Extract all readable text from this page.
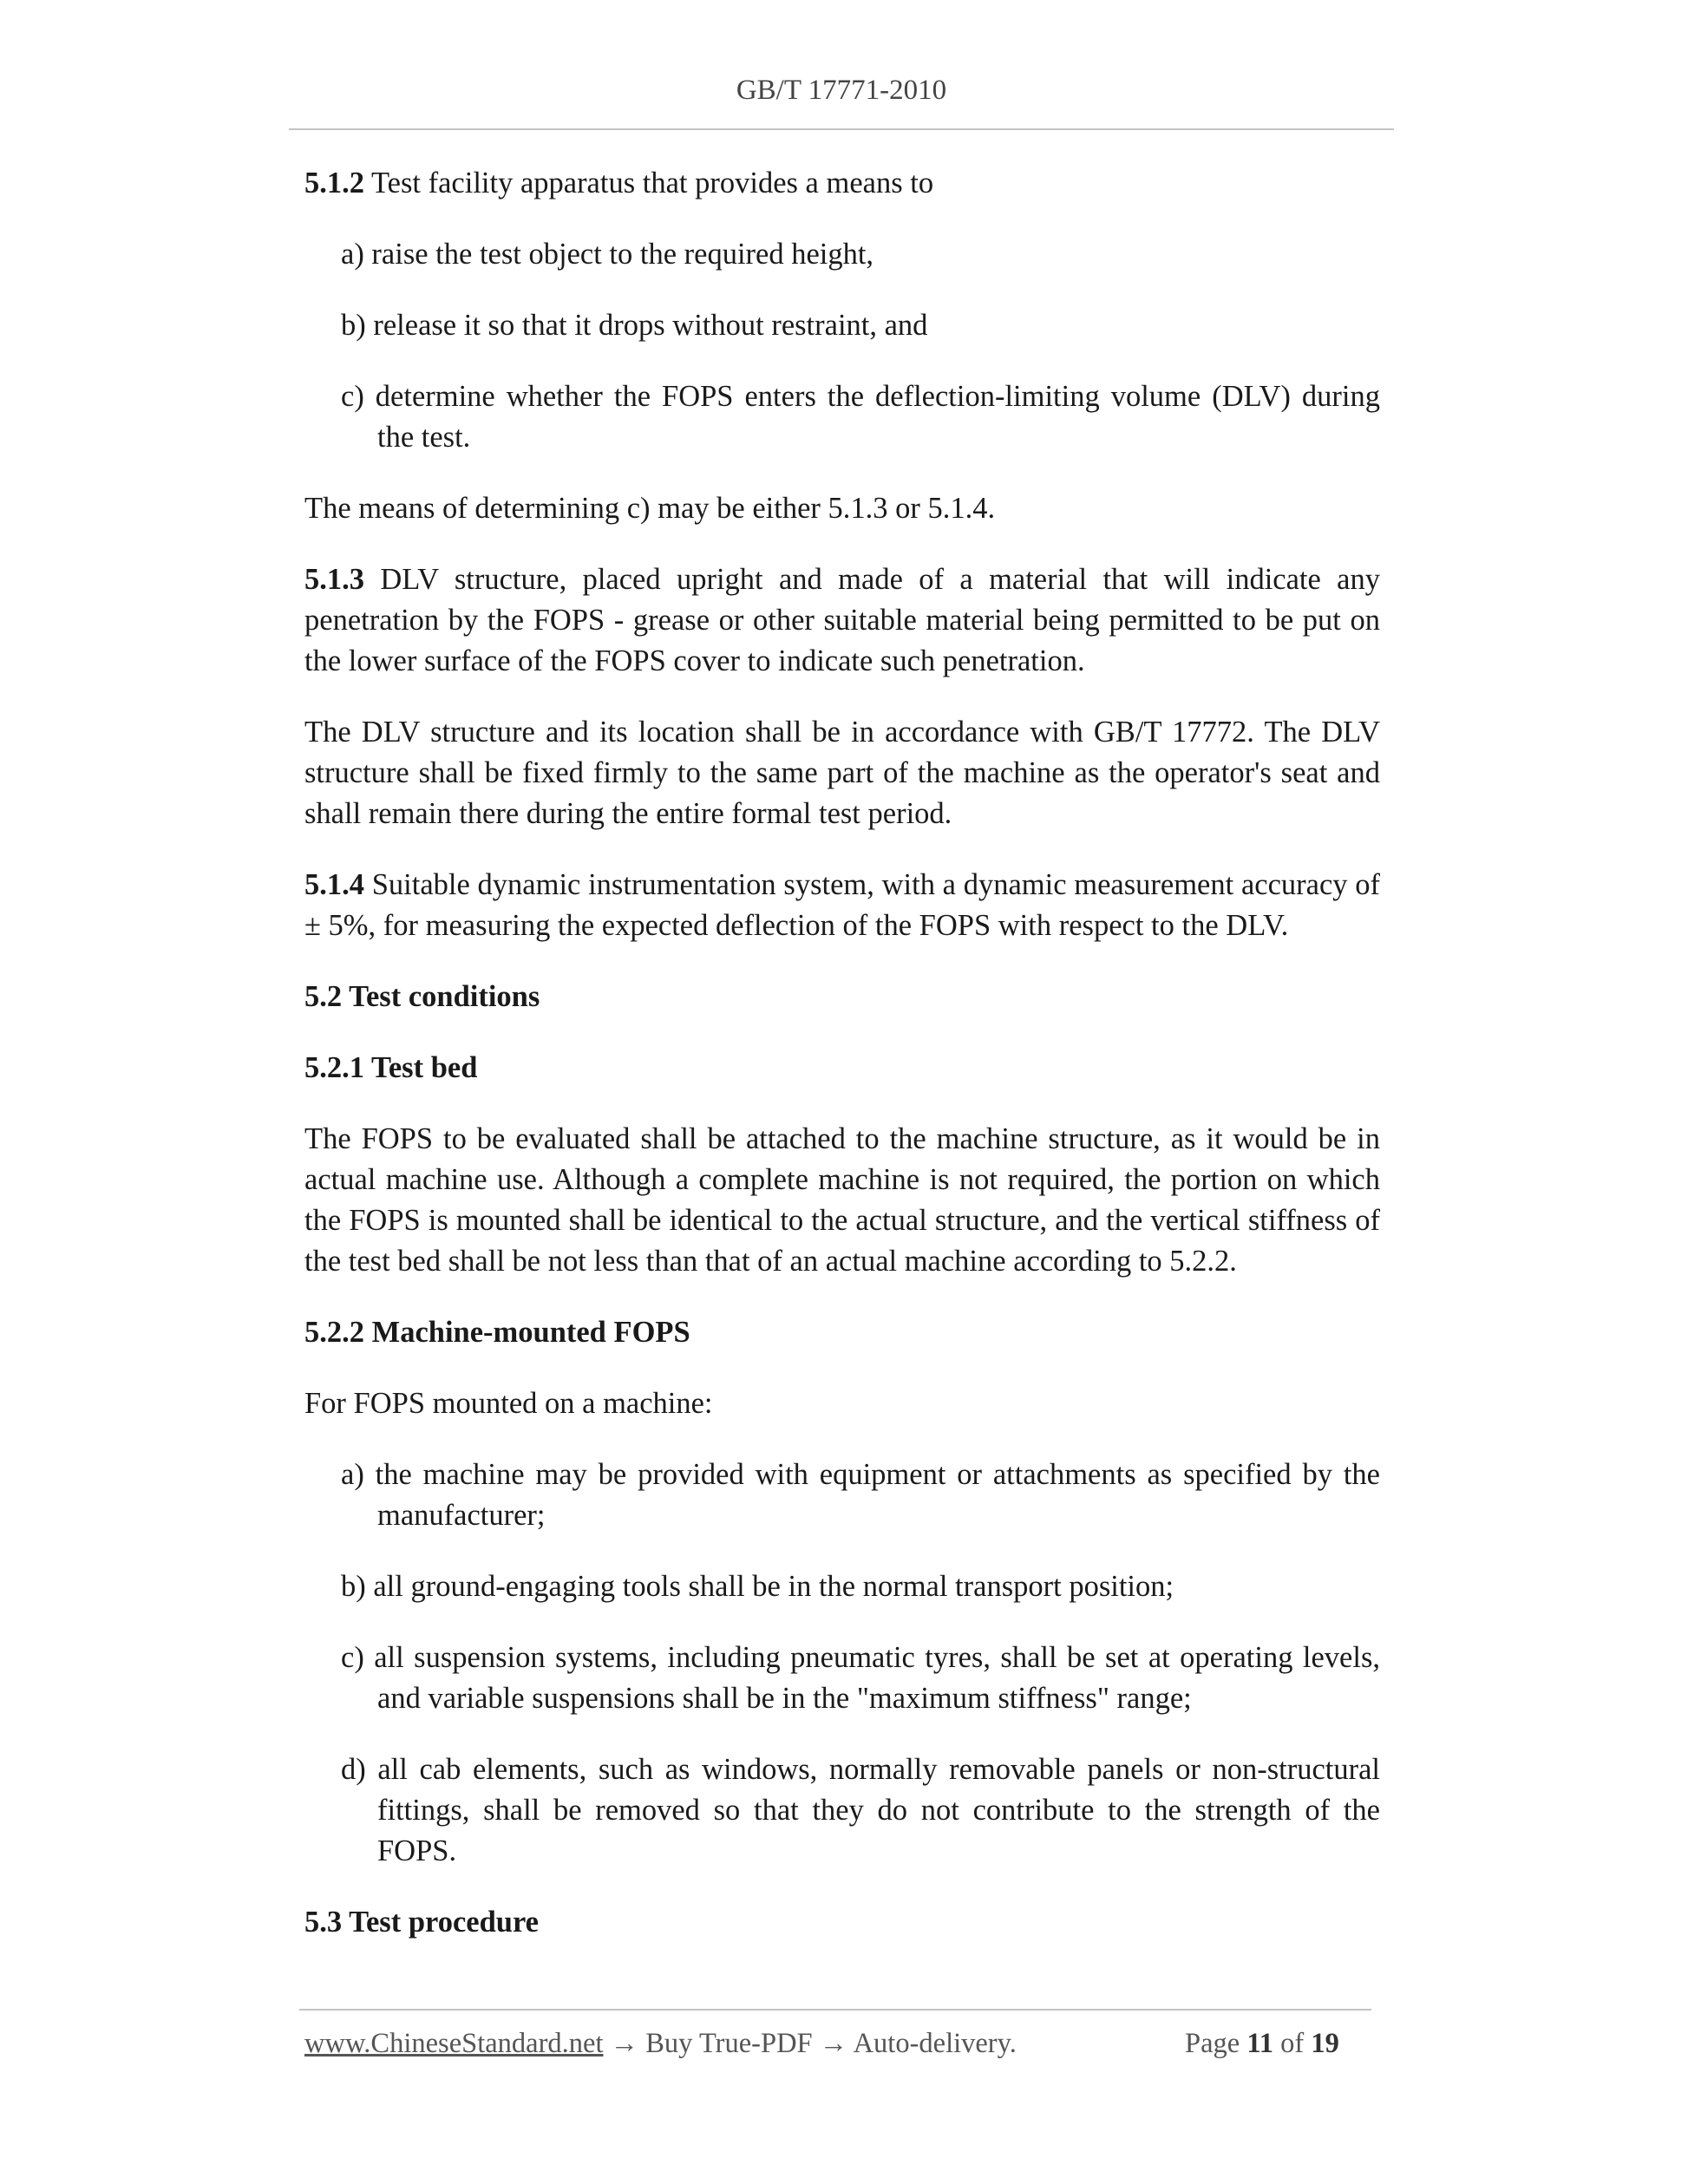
GB/T 17771-2010

5.1.2 Test facility apparatus that provides a means to

a) raise the test object to the required height,

b) release it so that it drops without restraint, and

c) determine whether the FOPS enters the deflection-limiting volume (DLV) during the test.

The means of determining c) may be either 5.1.3 or 5.1.4.

5.1.3 DLV structure, placed upright and made of a material that will indicate any penetration by the FOPS - grease or other suitable material being permitted to be put on the lower surface of the FOPS cover to indicate such penetration.

The DLV structure and its location shall be in accordance with GB/T 17772. The DLV structure shall be fixed firmly to the same part of the machine as the operator's seat and shall remain there during the entire formal test period.

5.1.4 Suitable dynamic instrumentation system, with a dynamic measurement accuracy of ± 5%, for measuring the expected deflection of the FOPS with respect to the DLV.

5.2 Test conditions

5.2.1 Test bed

The FOPS to be evaluated shall be attached to the machine structure, as it would be in actual machine use. Although a complete machine is not required, the portion on which the FOPS is mounted shall be identical to the actual structure, and the vertical stiffness of the test bed shall be not less than that of an actual machine according to 5.2.2.

5.2.2 Machine-mounted FOPS

For FOPS mounted on a machine:

a) the machine may be provided with equipment or attachments as specified by the manufacturer;

b) all ground-engaging tools shall be in the normal transport position;

c) all suspension systems, including pneumatic tyres, shall be set at operating levels, and variable suspensions shall be in the "maximum stiffness" range;

d) all cab elements, such as windows, normally removable panels or non-structural fittings, shall be removed so that they do not contribute to the strength of the FOPS.

5.3 Test procedure

www.ChineseStandard.net → Buy True-PDF → Auto-delivery.	Page 11 of 19
